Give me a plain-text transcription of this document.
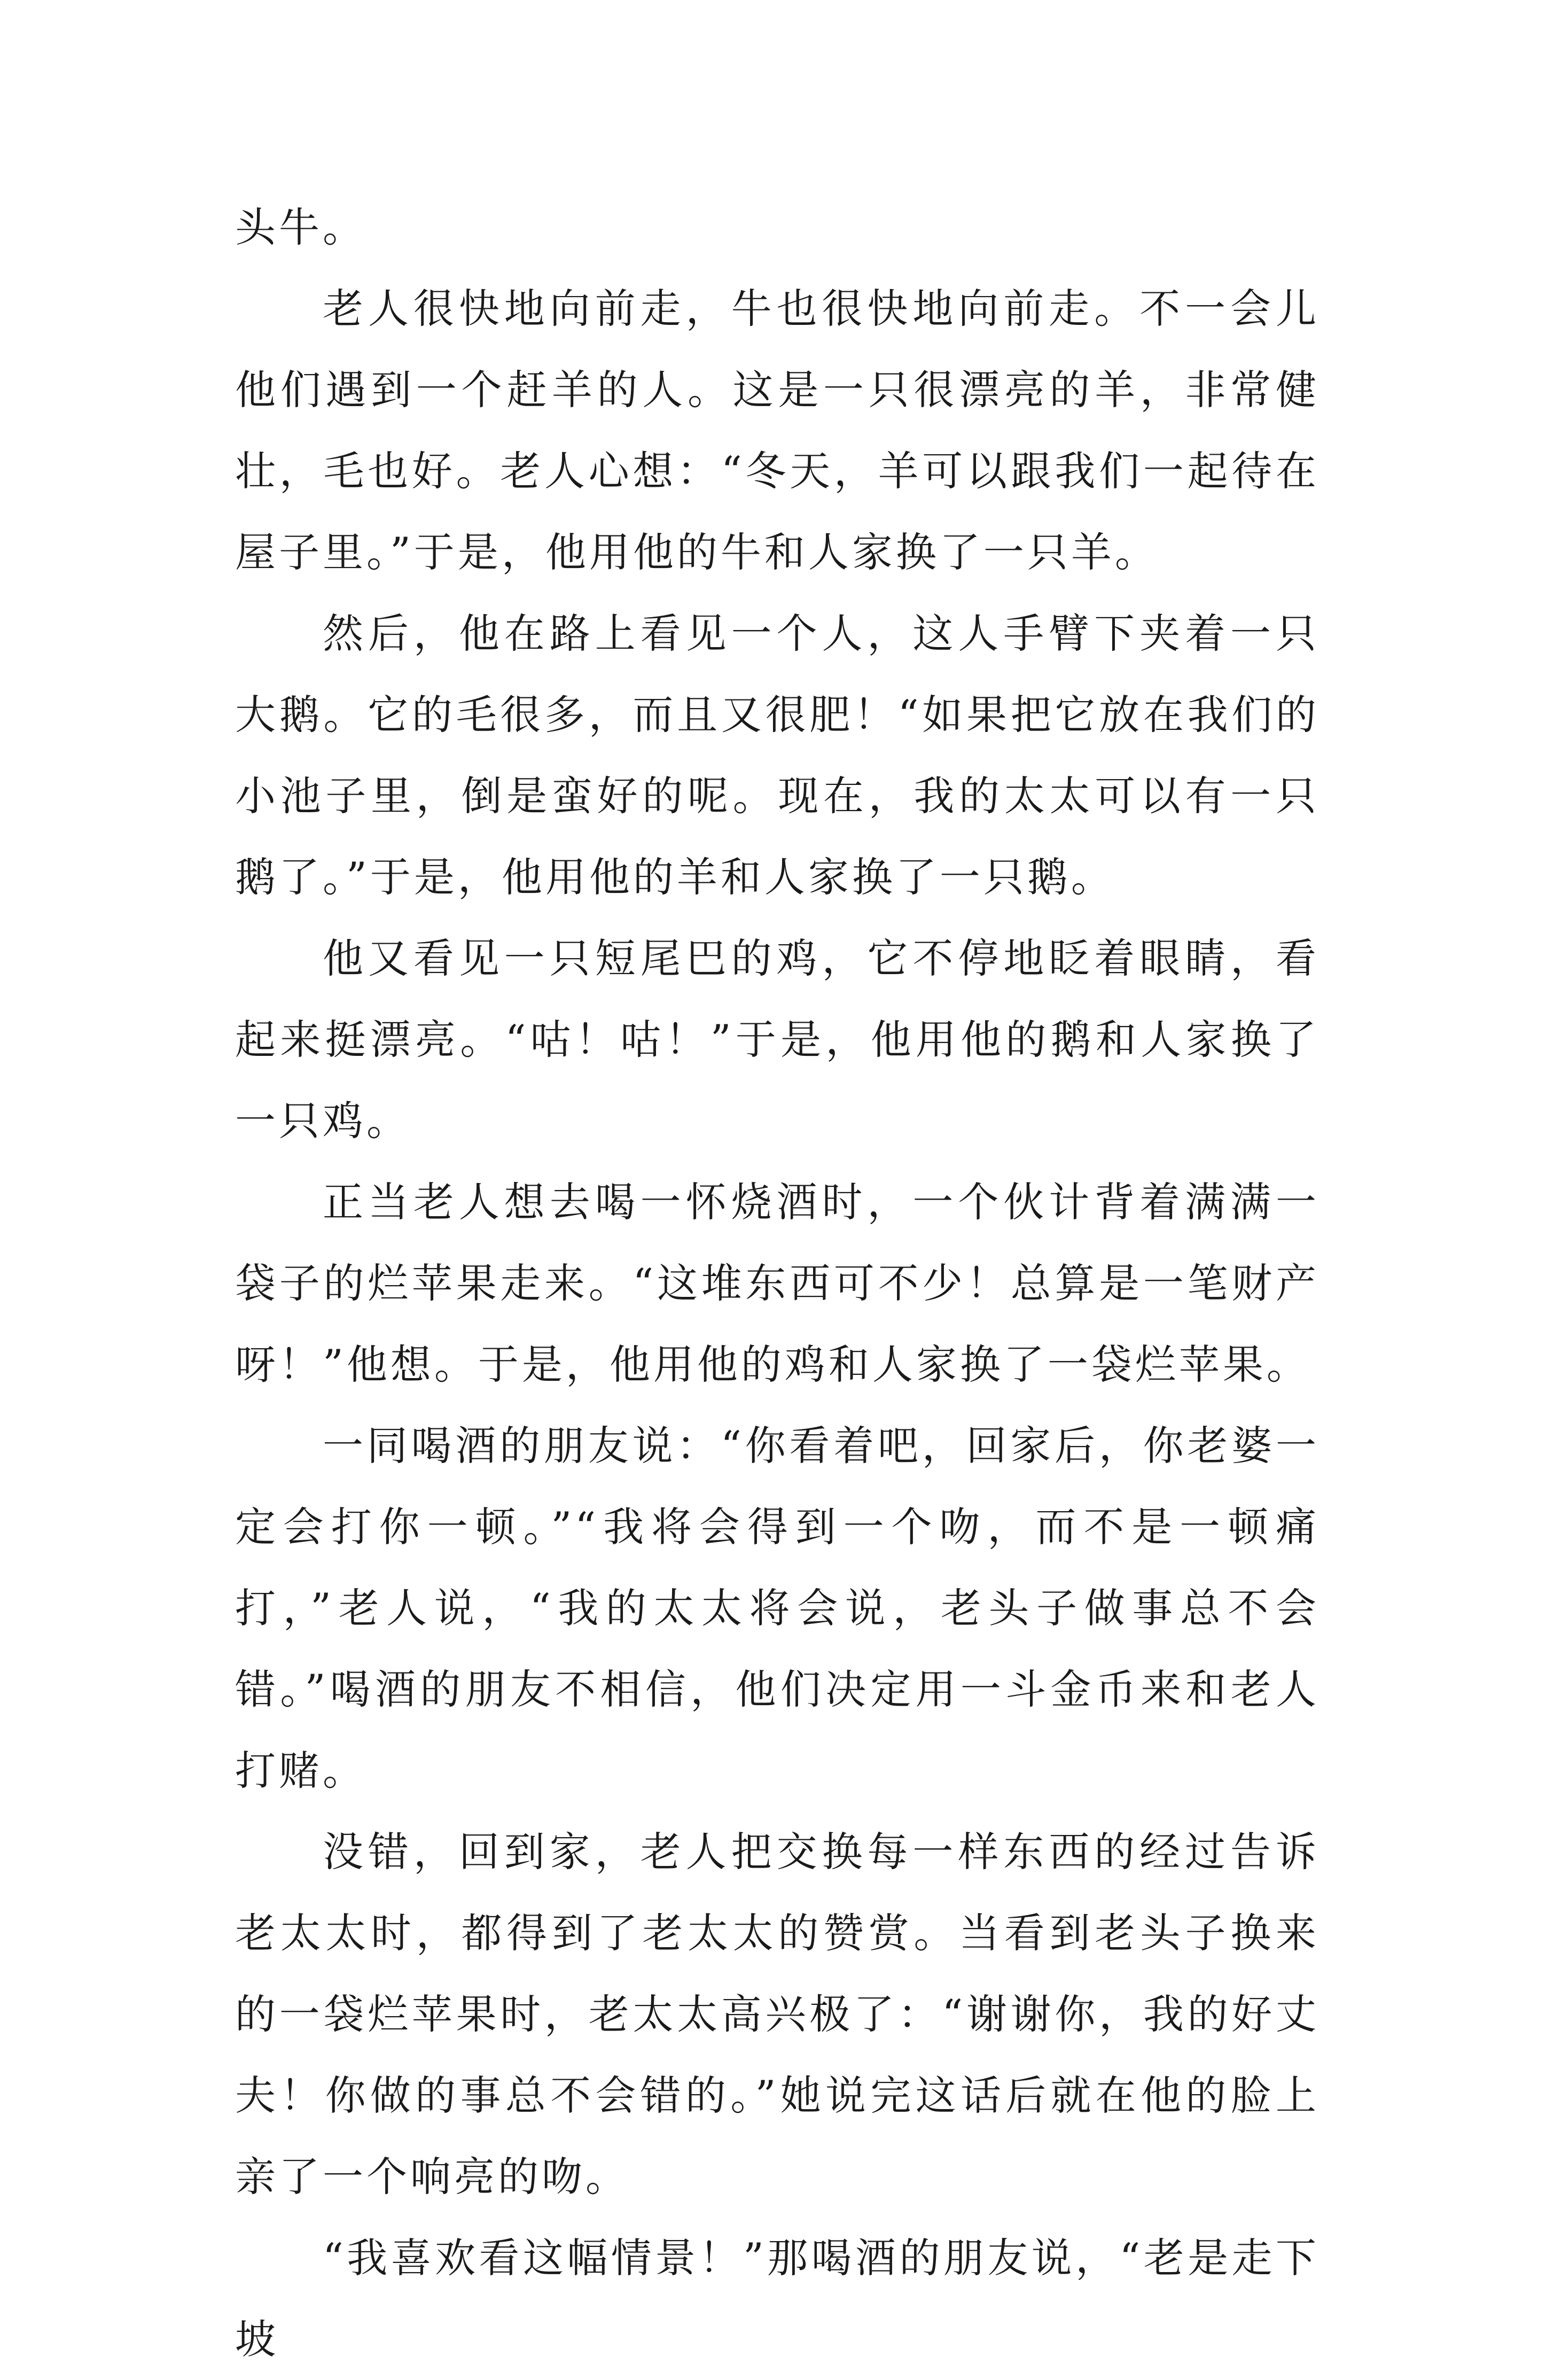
头牛。

老人很快地向前走，牛也很快地向前走。不一会儿他们遇到一个赶羊的人。这是一只很漂亮的羊，非常健壮，毛也好。老人心想：“冬天，羊可以跟我们一起待在屋子里。”于是，他用他的牛和人家换了一只羊。

然后，他在路上看见一个人，这人手臂下夹着一只大鹅。它的毛很多，而且又很肥！“如果把它放在我们的小池子里，倒是蛮好的呢。现在，我的太太可以有一只鹅了。”于是，他用他的羊和人家换了一只鹅。

他又看见一只短尾巴的鸡，它不停地眨着眼睛，看起来挺漂亮。“咕！咕！”于是，他用他的鹅和人家换了一只鸡。

正当老人想去喝一怀烧酒时，一个伙计背着满满一袋子的烂苹果走来。“这堆东西可不少！总算是一笔财产呀！”他想。于是，他用他的鸡和人家换了一袋烂苹果。

一同喝酒的朋友说：“你看着吧，回家后，你老婆一定会打你一顿。”“我将会得到一个吻，而不是一顿痛打，”老人说，“我的太太将会说，老头子做事总不会错。”喝酒的朋友不相信，他们决定用一斗金币来和老人打赌。

没错，回到家，老人把交换每一样东西的经过告诉老太太时，都得到了老太太的赞赏。当看到老头子换来的一袋烂苹果时，老太太高兴极了：“谢谢你，我的好丈夫！你做的事总不会错的。”她说完这话后就在他的脸上亲了一个响亮的吻。

“我喜欢看这幅情景！”那喝酒的朋友说，“老是走下坡
